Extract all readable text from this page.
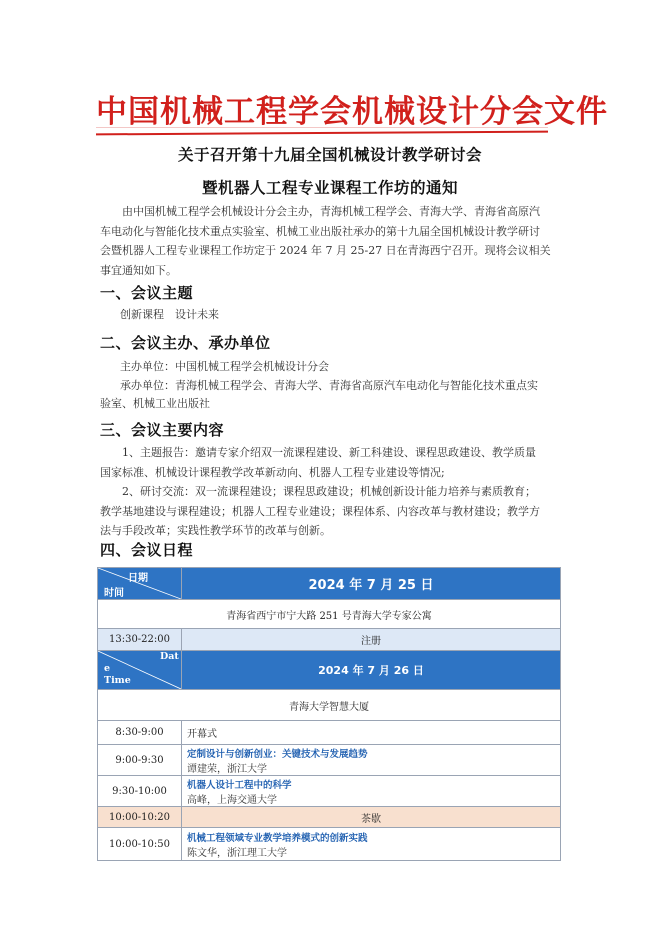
中国机械工程学会机械设计分会文件
关于召开第十九届全国机械设计教学研讨会
暨机器人工程专业课程工作坊的通知
由中国机械工程学会机械设计分会主办，青海机械工程学会、青海大学、青海省高原汽
车电动化与智能化技术重点实验室、机械工业出版社承办的第十九届全国机械设计教学研讨
会暨机器人工程专业课程工作坊定于 2024 年 7 月 25-27 日在青海西宁召开。现将会议相关
事宜通知如下。
一、会议主题
创新课程　设计未来
二、会议主办、承办单位
主办单位：中国机械工程学会机械设计分会
承办单位：青海机械工程学会、青海大学、青海省高原汽车电动化与智能化技术重点实
验室、机械工业出版社
三、会议主要内容
1、主题报告：邀请专家介绍双一流课程建设、新工科建设、课程思政建设、教学质量
国家标准、机械设计课程教学改革新动向、机器人工程专业建设等情况;
2、研讨交流：双一流课程建设；课程思政建设；机械创新设计能力培养与素质教育；
教学基地建设与课程建设；机器人工程专业建设；课程体系、内容改革与教材建设；教学方
法与手段改革；实践性教学环节的改革与创新。
四、会议日程
日期
时间	2024 年 7 月 25 日
青海省西宁市宁大路 251 号青海大学专家公寓	
13:30-22:00	注册

Dat
e
Time	2024 年 7 月 26 日
青海大学智慧大厦	
8:30-9:00	开幕式
9:00-9:30	定制设计与创新创业：关键技术与发展趋势
谭建荣，浙江大学

9:30-10:00	机器人设计工程中的科学
高峰，上海交通大学

10:00-10:20	茶歇
10:00-10:50	机械工程领域专业教学培养模式的创新实践
陈文华，浙江理工大学
